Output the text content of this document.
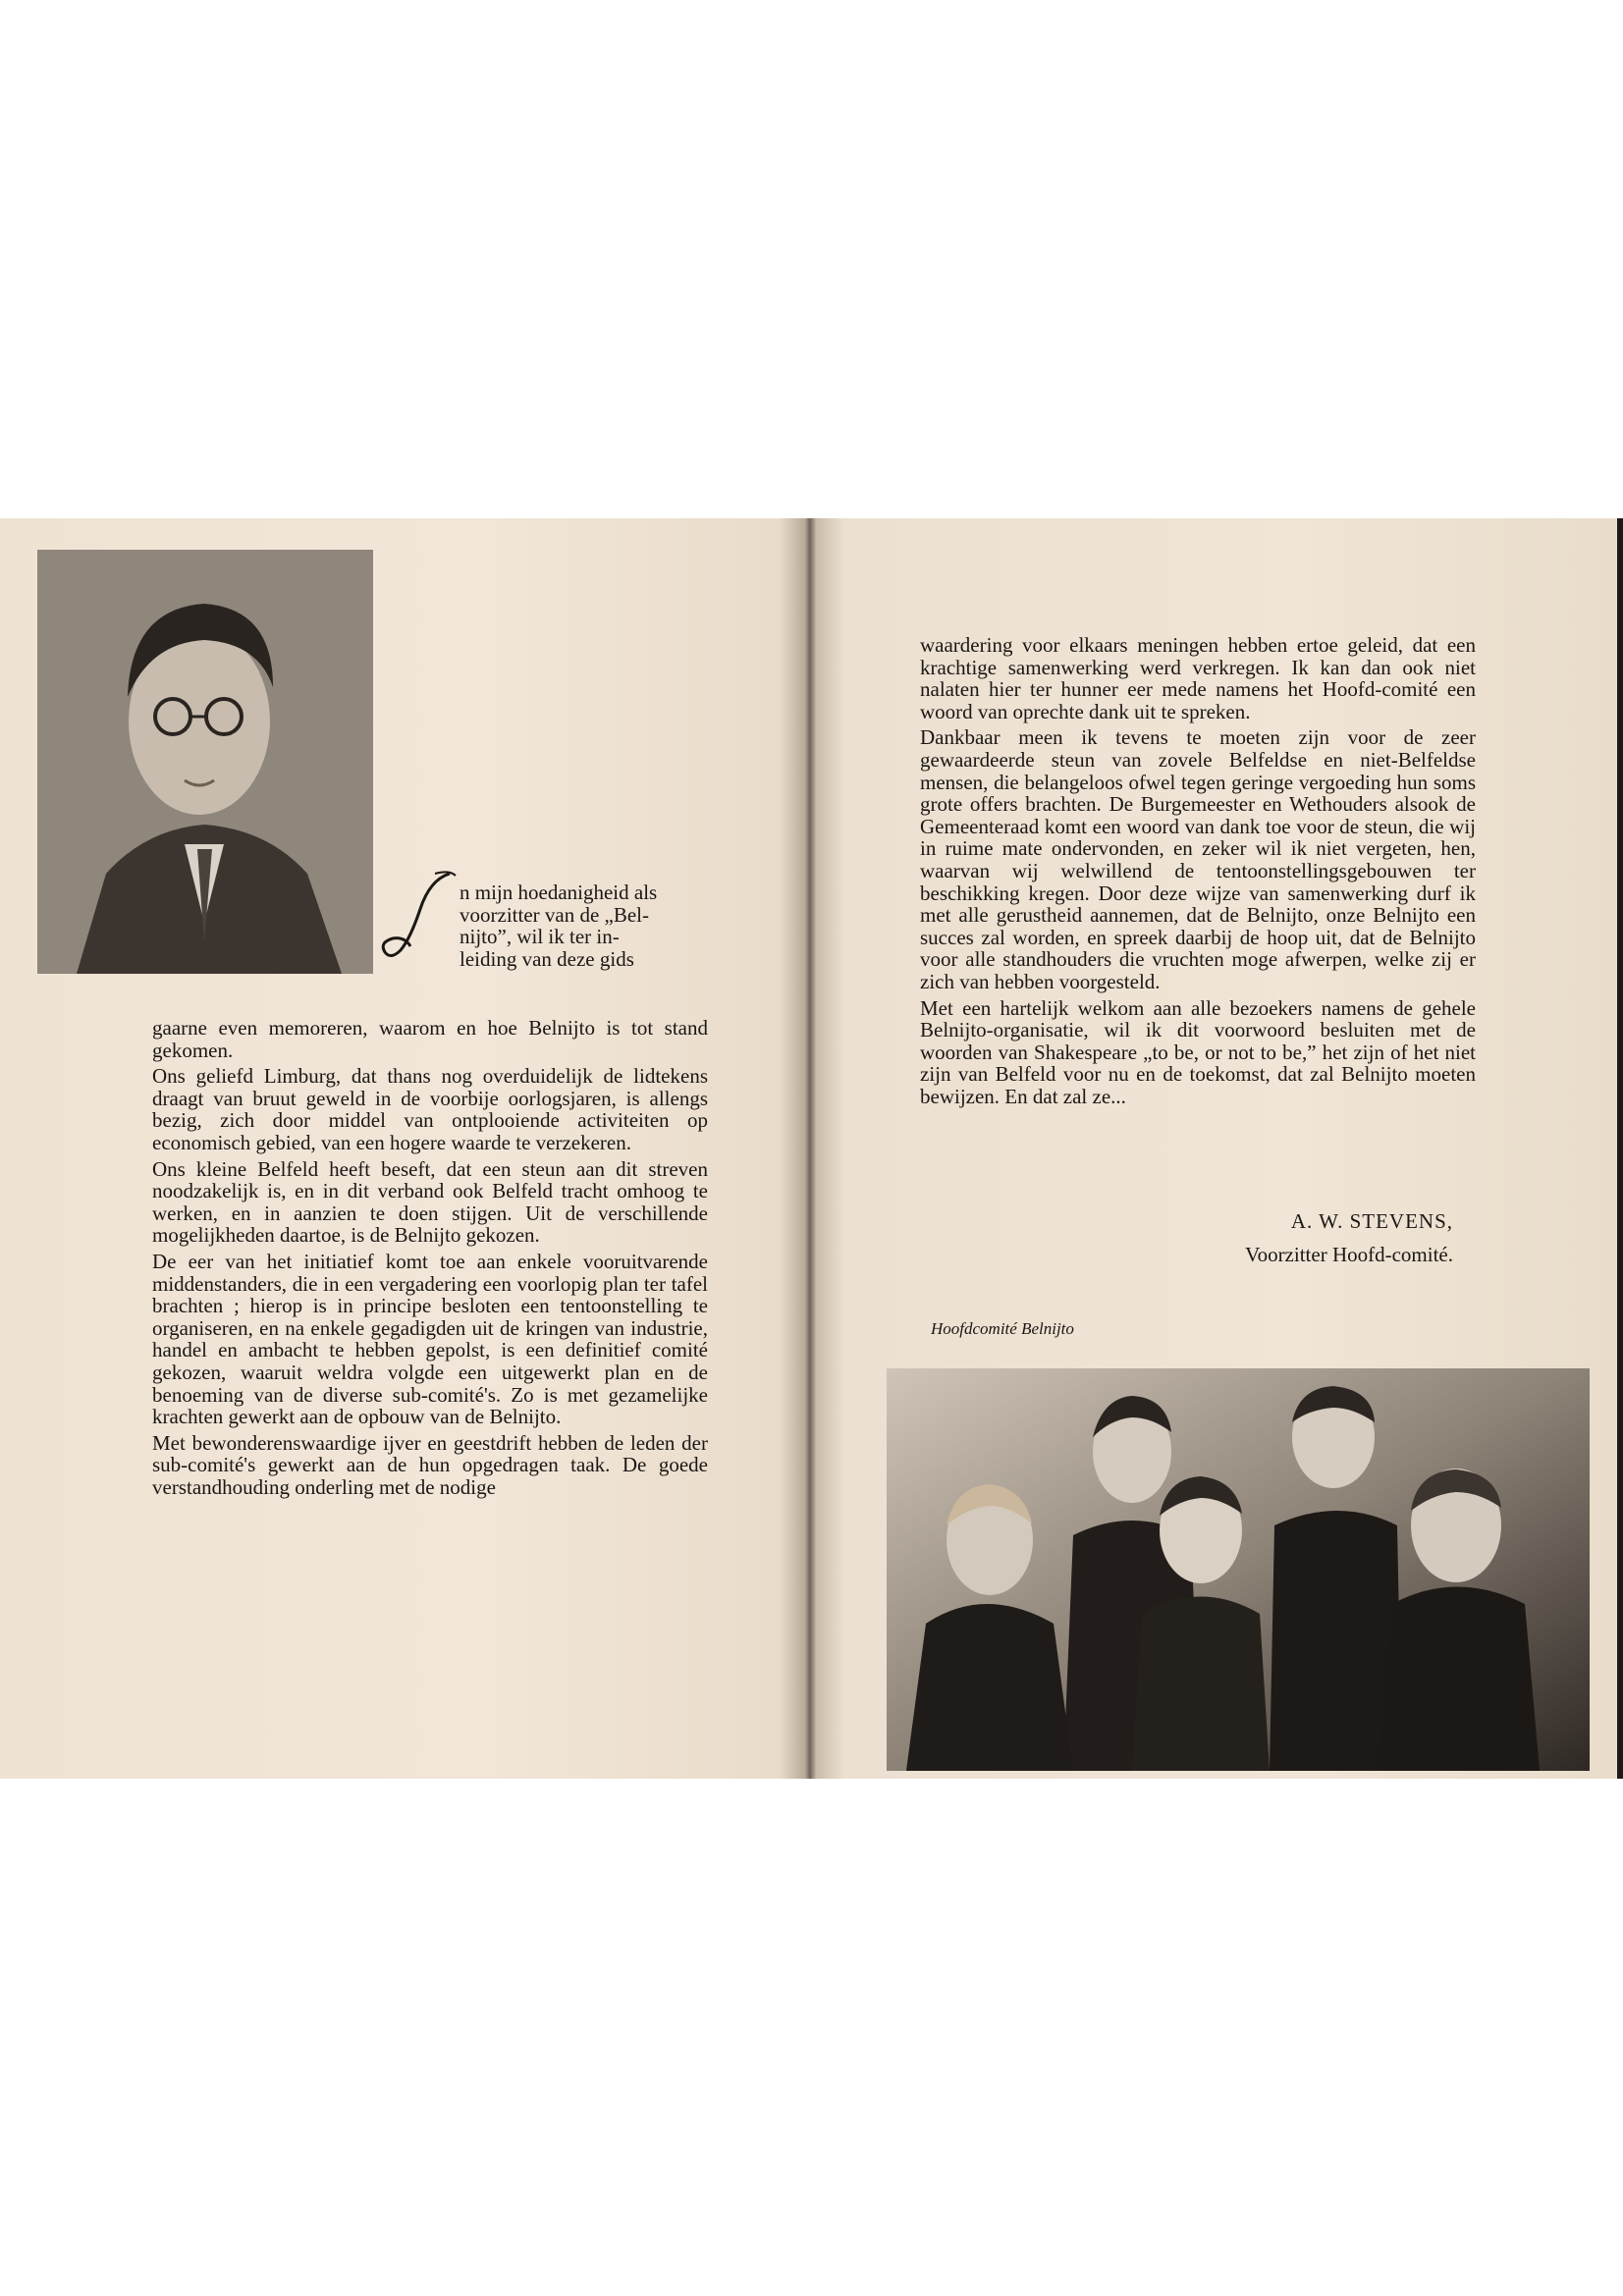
n mijn hoedanigheid als
voorzitter van de „Bel-
nijto”, wil ik ter in-
leiding van deze gids

gaarne even memoreren, waarom en hoe Belnijto is tot stand gekomen.

Ons geliefd Limburg, dat thans nog overduidelijk de lidtekens draagt van bruut geweld in de voorbije oorlogsjaren, is allengs bezig, zich door middel van ontplooiende activiteiten op economisch gebied, van een hogere waarde te verzekeren.

Ons kleine Belfeld heeft beseft, dat een steun aan dit streven noodzakelijk is, en in dit verband ook Belfeld tracht omhoog te werken, en in aanzien te doen stijgen. Uit de verschillende mogelijkheden daartoe, is de Belnijto gekozen.

De eer van het initiatief komt toe aan enkele vooruitvarende middenstanders, die in een vergadering een voorlopig plan ter tafel brachten ; hierop is in principe besloten een tentoonstelling te organiseren, en na enkele gegadigden uit de kringen van industrie, handel en ambacht te hebben gepolst, is een definitief comité gekozen, waaruit weldra volgde een uitgewerkt plan en de benoeming van de diverse sub-comité's. Zo is met gezamelijke krachten gewerkt aan de opbouw van de Belnijto.

Met bewonderenswaardige ijver en geestdrift hebben de leden der sub-comité's gewerkt aan de hun opgedragen taak. De goede verstandhouding onderling met de nodige

waardering voor elkaars meningen hebben ertoe geleid, dat een krachtige samenwerking werd verkregen. Ik kan dan ook niet nalaten hier ter hunner eer mede namens het Hoofd-comité een woord van oprechte dank uit te spreken.

Dankbaar meen ik tevens te moeten zijn voor de zeer gewaardeerde steun van zovele Belfeldse en niet-Belfeldse mensen, die belangeloos ofwel tegen geringe vergoeding hun soms grote offers brachten. De Burgemeester en Wethouders alsook de Gemeenteraad komt een woord van dank toe voor de steun, die wij in ruime mate ondervonden, en zeker wil ik niet vergeten, hen, waarvan wij welwillend de tentoonstellingsgebouwen ter beschikking kregen. Door deze wijze van samenwerking durf ik met alle gerustheid aannemen, dat de Belnijto, onze Belnijto een succes zal worden, en spreek daarbij de hoop uit, dat de Belnijto voor alle standhouders die vruchten moge afwerpen, welke zij er zich van hebben voorgesteld.

Met een hartelijk welkom aan alle bezoekers namens de gehele Belnijto-organisatie, wil ik dit voorwoord besluiten met de woorden van Shakespeare „to be, or not to be,” het zijn of het niet zijn van Belfeld voor nu en de toekomst, dat zal Belnijto moeten bewijzen. En dat zal ze...

A. W. STEVENS,
Voorzitter Hoofd-comité.
Hoofdcomité Belnijto
